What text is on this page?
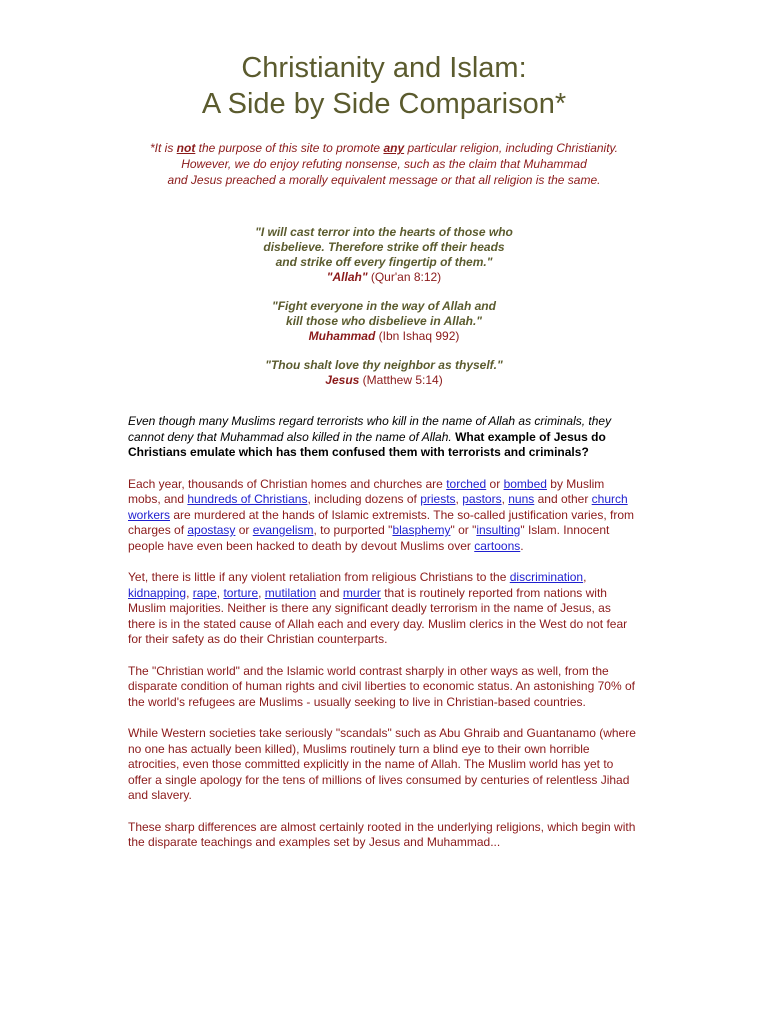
Christianity and Islam:
A Side by Side Comparison*
*It is not the purpose of this site to promote any particular religion, including Christianity.
However, we do enjoy refuting nonsense, such as the claim that Muhammad
and Jesus preached a morally equivalent message or that all religion is the same.
"I will cast terror into the hearts of those who
disbelieve. Therefore strike off their heads
and strike off every fingertip of them."
"Allah" (Qur'an 8:12)
"Fight everyone in the way of Allah and
kill those who disbelieve in Allah."
Muhammad (Ibn Ishaq 992)
"Thou shalt love thy neighbor as thyself."
Jesus (Matthew 5:14)

Even though many Muslims regard terrorists who kill in the name of Allah as criminals, they cannot deny that Muhammad also killed in the name of Allah. What example of Jesus do Christians emulate which has them confused them with terrorists and criminals?

Each year, thousands of Christian homes and churches are torched or bombed by Muslim mobs, and hundreds of Christians, including dozens of priests, pastors, nuns and other church workers are murdered at the hands of Islamic extremists. The so-called justification varies, from charges of apostasy or evangelism, to purported "blasphemy" or "insulting" Islam. Innocent people have even been hacked to death by devout Muslims over cartoons.

Yet, there is little if any violent retaliation from religious Christians to the discrimination, kidnapping, rape, torture, mutilation and murder that is routinely reported from nations with Muslim majorities. Neither is there any significant deadly terrorism in the name of Jesus, as there is in the stated cause of Allah each and every day. Muslim clerics in the West do not fear for their safety as do their Christian counterparts.

The "Christian world" and the Islamic world contrast sharply in other ways as well, from the disparate condition of human rights and civil liberties to economic status. An astonishing 70% of the world's refugees are Muslims - usually seeking to live in Christian-based countries.

While Western societies take seriously "scandals" such as Abu Ghraib and Guantanamo (where no one has actually been killed), Muslims routinely turn a blind eye to their own horrible atrocities, even those committed explicitly in the name of Allah. The Muslim world has yet to offer a single apology for the tens of millions of lives consumed by centuries of relentless Jihad and slavery.

These sharp differences are almost certainly rooted in the underlying religions, which begin with the disparate teachings and examples set by Jesus and Muhammad...
